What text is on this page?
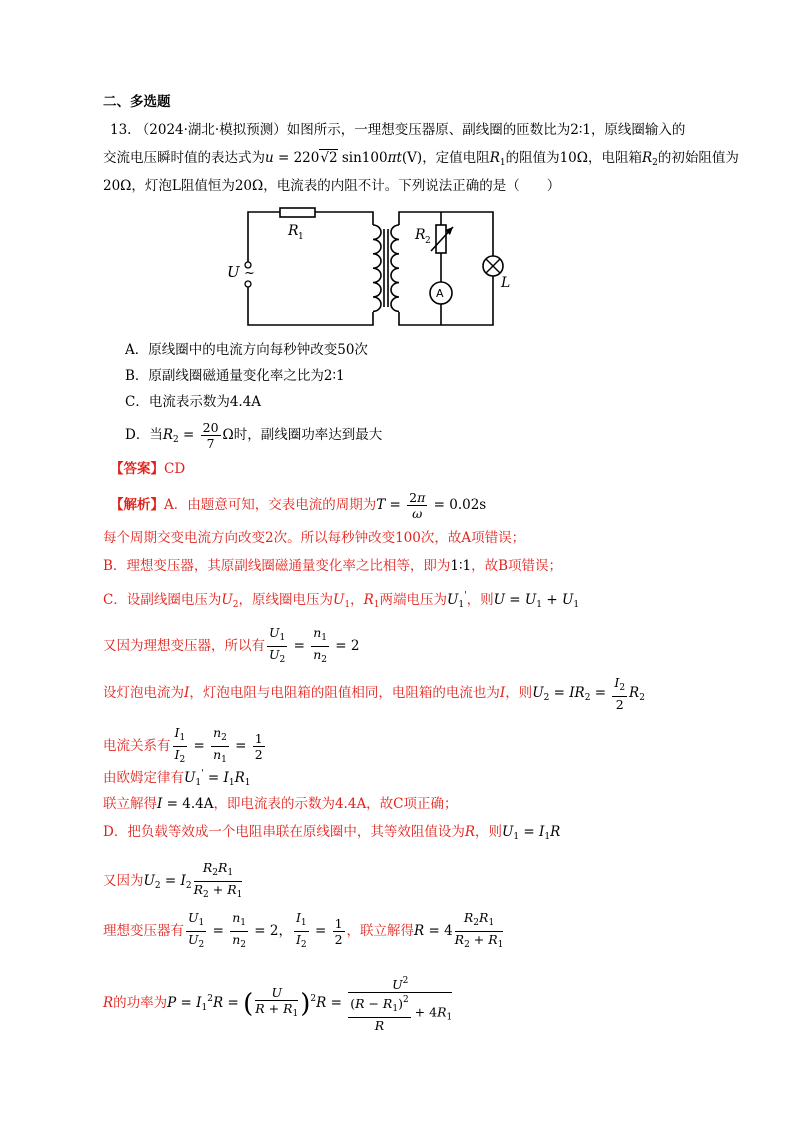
二、多选题
13. （2024·湖北·模拟预测）如图所示，一理想变压器原、副线圈的匝数比为2∶1，原线圈输入的
交流电压瞬时值的表达式为u = 220√2 sin100πt(V)，定值电阻$R_1$的阻值为10Ω，电阻箱$R_2$的初始阻值为
20Ω，灯泡L阻值恒为20Ω，电流表的内阻不计。下列说法正确的是（　　）
U ~
R 1	R 2
A
L
A．原线圈中的电流方向每秒钟改变50次
B．原副线圈磁通量变化率之比为2∶1
C．电流表示数为4.4A
D．当$R_2 = \frac{20}{7}$ Ω时，副线圈功率达到最大
【答案】CD
【解析】A．由题意可知，交表电流的周期为$T = \frac{2\pi}{\omega} = 0.02s$
每个周期交变电流方向改变2次。所以每秒钟改变100次，故A项错误；
B．理想变压器，其原副线圈磁通量变化率之比相等，即为1∶1，故B项错误；
C．设副线圈电压为$U_2$，原线圈电压为$U_1$，$R_1$两端电压为$U_1'$，则$U = U_1 + U_1$
又因为理想变压器，所以有 $\frac{U_1}{U_2} = \frac{n_1}{n_2} = 2$
设灯泡电流为I，灯泡电阻与电阻箱的阻值相同，电阻箱的电流也为I，则$U_2 = IR_2 = \frac{I_2}{2} R_2$
电流关系有 $\frac{I_1}{I_2} = \frac{n_2}{n_1} = \frac{1}{2}$
由欧姆定律有$U_1' = I_1R_1$
联立解得I = 4.4A，即电流表的示数为4.4A，故C项正确；
D．把负载等效成一个电阻串联在原线圈中，其等效阻值设为R，则$U_1 = I_1R$
又因为$U_2 = I_2 \frac{R_2R_1}{R_2 + R_1}$
理想变压器有 $\frac{U_1}{U_2} = \frac{n_1}{n_2} = 2$， $\frac{I_1}{I_2} = \frac{1}{2}$ ，联立解得$R = 4 \frac{R_2R_1}{R_2 + R_1}$
R的功率为$P = I_1^2R$ = ( $\frac{U}{R + R_1} )^2R = \frac{U^2}{\frac{(R - R_1)^2}{R} + 4R_1}$
